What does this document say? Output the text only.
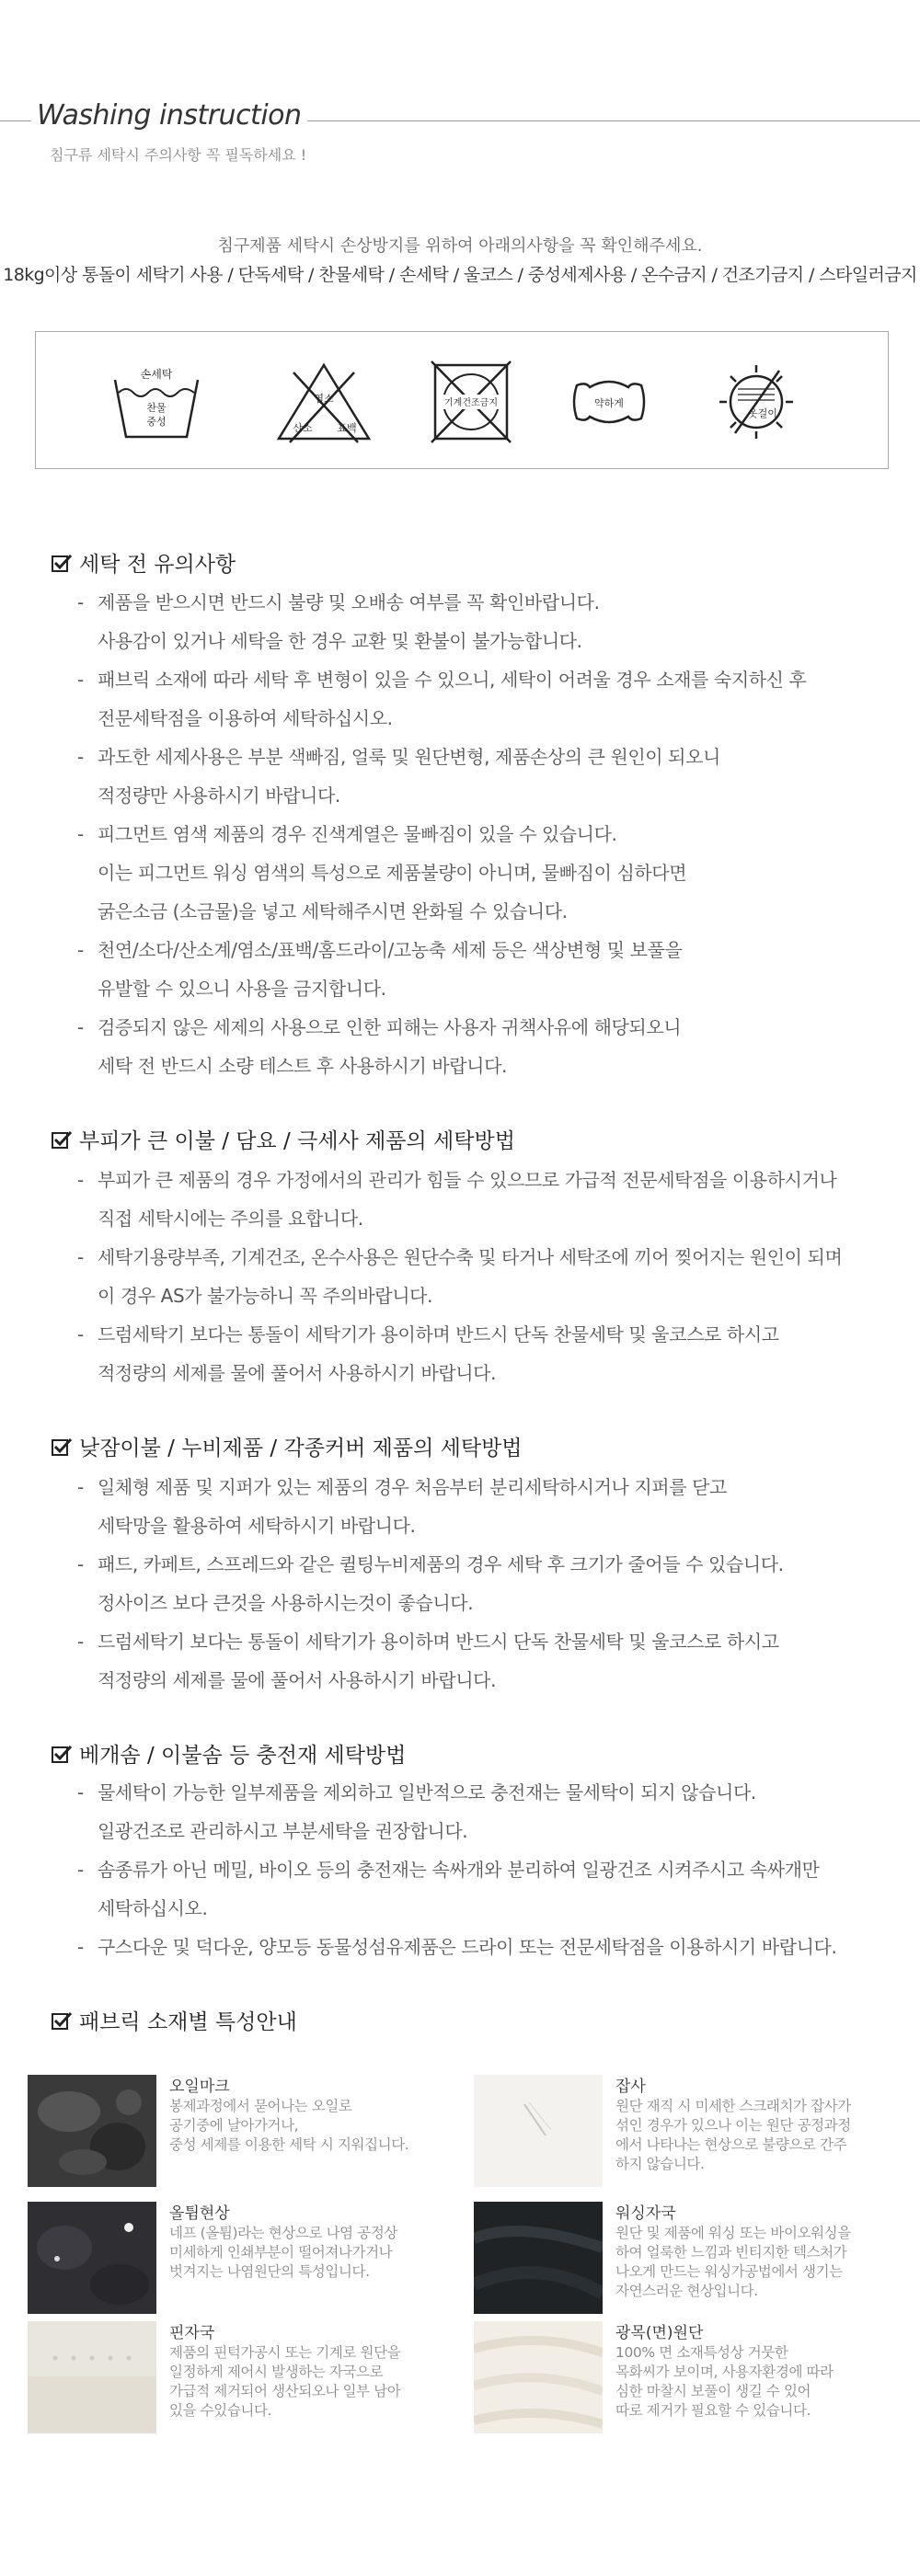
Washing instruction
침구류 세탁시 주의사항 꼭 필독하세요 !
침구제품 세탁시 손상방지를 위하여 아래의사항을 꼭 확인해주세요.
18kg이상 통돌이 세탁기 사용 / 단독세탁 / 찬물세탁 / 손세탁 / 울코스 / 중성세제사용 / 온수금지 / 건조기금지 / 스타일러금지
손세탁
찬물
중성
염소
산소 표백
기계건조금지	약하게
옷걸이
세탁 전 유의사항
- 제품을 받으시면 반드시 불량 및 오배송 여부를 꼭 확인바랍니다.
사용감이 있거나 세탁을 한 경우 교환 및 환불이 불가능합니다.
- 패브릭 소재에 따라 세탁 후 변형이 있을 수 있으니, 세탁이 어려울 경우 소재를 숙지하신 후
전문세탁점을 이용하여 세탁하십시오.
- 과도한 세제사용은 부분 색빠짐, 얼룩 및 원단변형, 제품손상의 큰 원인이 되오니
적정량만 사용하시기 바랍니다.
- 피그먼트 염색 제품의 경우 진색계열은 물빠짐이 있을 수 있습니다.
이는 피그먼트 워싱 염색의 특성으로 제품불량이 아니며, 물빠짐이 심하다면
굵은소금 (소금물)을 넣고 세탁해주시면 완화될 수 있습니다.
- 천연/소다/산소계/염소/표백/홈드라이/고농축 세제 등은 색상변형 및 보풀을
유발할 수 있으니 사용을 금지합니다.
- 검증되지 않은 세제의 사용으로 인한 피해는 사용자 귀책사유에 해당되오니
세탁 전 반드시 소량 테스트 후 사용하시기 바랍니다.
부피가 큰 이불 / 담요 / 극세사 제품의 세탁방법
- 부피가 큰 제품의 경우 가정에서의 관리가 힘들 수 있으므로 가급적 전문세탁점을 이용하시거나
직접 세탁시에는 주의를 요합니다.
- 세탁기용량부족, 기계건조, 온수사용은 원단수축 및 타거나 세탁조에 끼어 찢어지는 원인이 되며
이 경우 AS가 불가능하니 꼭 주의바랍니다.
- 드럼세탁기 보다는 통돌이 세탁기가 용이하며 반드시 단독 찬물세탁 및 울코스로 하시고
적정량의 세제를 물에 풀어서 사용하시기 바랍니다.
낮잠이불 / 누비제품 / 각종커버 제품의 세탁방법
- 일체형 제품 및 지퍼가 있는 제품의 경우 처음부터 분리세탁하시거나 지퍼를 닫고
세탁망을 활용하여 세탁하시기 바랍니다.
- 패드, 카페트, 스프레드와 같은 퀼팅누비제품의 경우 세탁 후 크기가 줄어들 수 있습니다.
정사이즈 보다 큰것을 사용하시는것이 좋습니다.
- 드럼세탁기 보다는 통돌이 세탁기가 용이하며 반드시 단독 찬물세탁 및 울코스로 하시고
적정량의 세제를 물에 풀어서 사용하시기 바랍니다.
베개솜 / 이불솜 등 충전재 세탁방법
- 물세탁이 가능한 일부제품을 제외하고 일반적으로 충전재는 물세탁이 되지 않습니다.
일광건조로 관리하시고 부분세탁을 권장합니다.
- 솜종류가 아닌 메밀, 바이오 등의 충전재는 속싸개와 분리하여 일광건조 시켜주시고 속싸개만
세탁하십시오.
- 구스다운 및 덕다운, 양모등 동물성섬유제품은 드라이 또는 전문세탁점을 이용하시기 바랍니다.
패브릭 소재별 특성안내
오일마크
봉제과정에서 묻어나는 오일로
공기중에 날아가거나,
중성 세제를 이용한 세탁 시 지워집니다.
잡사
원단 재직 시 미세한 스크래치가 잡사가
섞인 경우가 있으나 이는 원단 공정과정
에서 나타나는 현상으로 불량으로 간주
하지 않습니다.
올튐현상
네프 (올튐)라는 현상으로 나염 공정상
미세하게 인쇄부분이 떨어져나가거나
벗겨지는 나염원단의 특성입니다.
워싱자국
원단 및 제품에 워싱 또는 바이오워싱을
하여 얼룩한 느낌과 빈티지한 텍스처가
나오게 만드는 워싱가공법에서 생기는
자연스러운 현상입니다.
핀자국
제품의 핀턱가공시 또는 기계로 원단을
일정하게 제어시 발생하는 자국으로
가급적 제거되어 생산되오나 일부 남아
있을 수있습니다.
광목(면)원단
100% 면 소재특성상 거뭇한
목화씨가 보이며, 사용자환경에 따라
심한 마찰시 보풀이 생길 수 있어
따로 제거가 필요할 수 있습니다.
